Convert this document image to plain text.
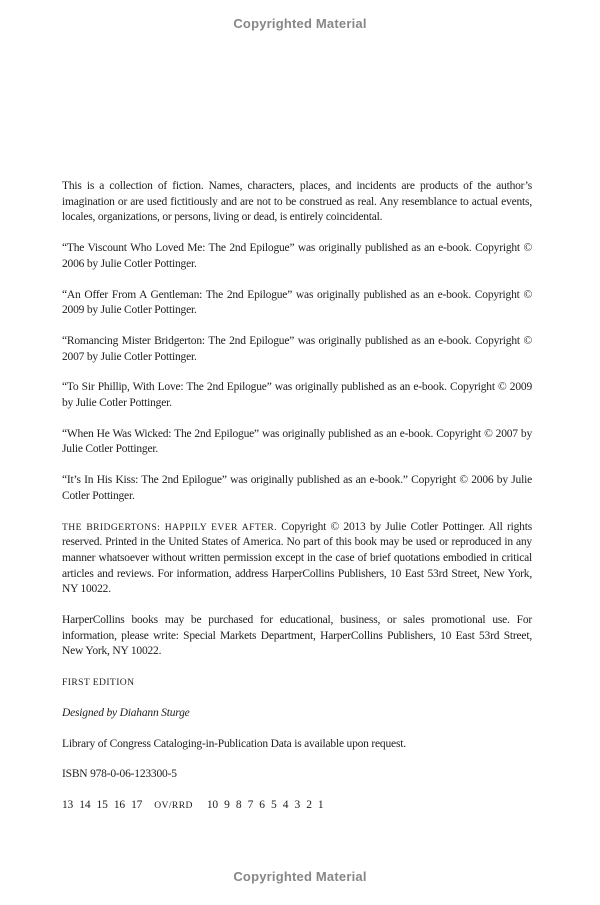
Copyrighted Material

This is a collection of fiction. Names, characters, places, and incidents are products of the author’s imagination or are used fictitiously and are not to be construed as real. Any resemblance to actual events, locales, organizations, or persons, living or dead, is entirely coincidental.

“The Viscount Who Loved Me: The 2nd Epilogue” was originally published as an e-book. Copyright © 2006 by Julie Cotler Pottinger.

“An Offer From A Gentleman: The 2nd Epilogue” was originally published as an e-book. Copyright © 2009 by Julie Cotler Pottinger.

“Romancing Mister Bridgerton: The 2nd Epilogue” was originally published as an e-book. Copyright © 2007 by Julie Cotler Pottinger.

“To Sir Phillip, With Love: The 2nd Epilogue” was originally published as an e-book. Copyright © 2009 by Julie Cotler Pottinger.

“When He Was Wicked: The 2nd Epilogue” was originally published as an e-book. Copyright © 2007 by Julie Cotler Pottinger.

“It’s In His Kiss: The 2nd Epilogue” was originally published as an e-book.” Copyright © 2006 by Julie Cotler Pottinger.

THE BRIDGERTONS: HAPPILY EVER AFTER. Copyright © 2013 by Julie Cotler Pottinger. All rights reserved. Printed in the United States of America. No part of this book may be used or reproduced in any manner whatsoever without written permission except in the case of brief quotations embodied in critical articles and reviews. For information, address HarperCollins Publishers, 10 East 53rd Street, New York, NY 10022.

HarperCollins books may be purchased for educational, business, or sales promotional use. For information, please write: Special Markets Department, HarperCollins Publishers, 10 East 53rd Street, New York, NY 10022.

FIRST EDITION

Designed by Diahann Sturge

Library of Congress Cataloging-in-Publication Data is available upon request.

ISBN 978-0-06-123300-5

13 14 15 16 17 OV/RRD 10 9 8 7 6 5 4 3 2 1

Copyrighted Material
